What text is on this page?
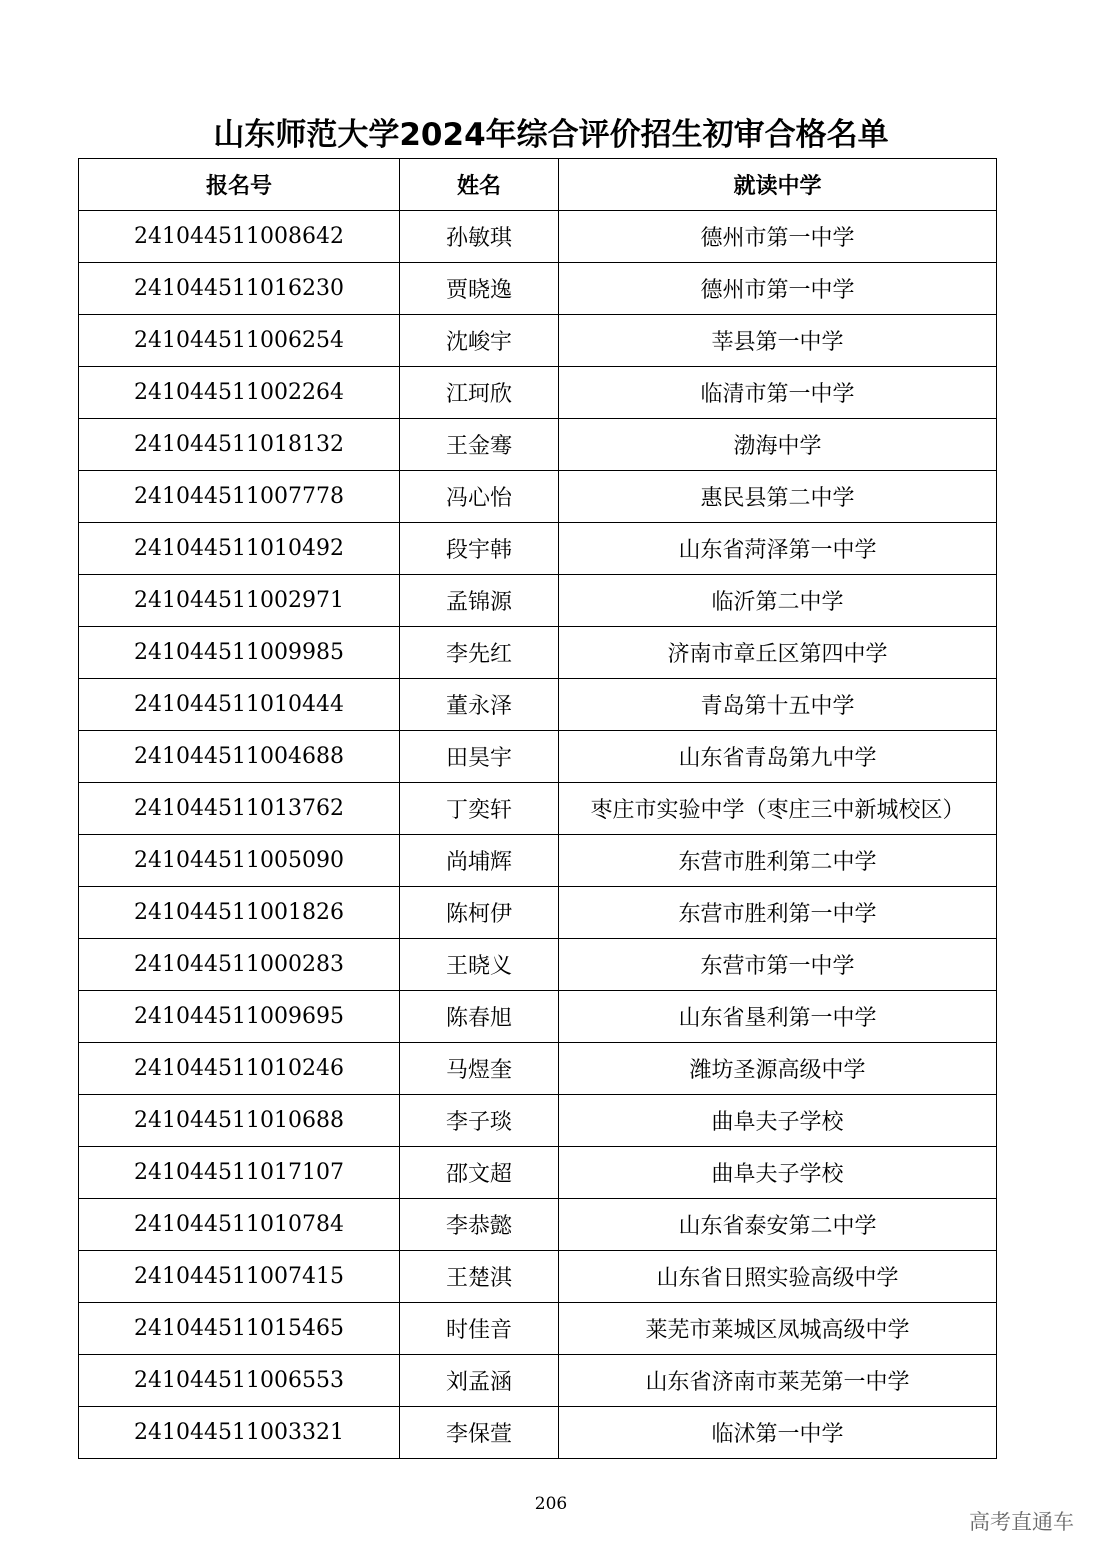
山东师范大学2024年综合评价招生初审合格名单
报名号	姓名	就读中学
241044511008642	孙敏琪	德州市第一中学
241044511016230	贾晓逸	德州市第一中学
241044511006254	沈峻宇	莘县第一中学
241044511002264	江珂欣	临清市第一中学
241044511018132	王金骞	渤海中学
241044511007778	冯心怡	惠民县第二中学
241044511010492	段宇韩	山东省菏泽第一中学
241044511002971	孟锦源	临沂第二中学
241044511009985	李先红	济南市章丘区第四中学
241044511010444	董永泽	青岛第十五中学
241044511004688	田昊宇	山东省青岛第九中学
241044511013762	丁奕轩	枣庄市实验中学（枣庄三中新城校区）
241044511005090	尚埔辉	东营市胜利第二中学
241044511001826	陈柯伊	东营市胜利第一中学
241044511000283	王晓义	东营市第一中学
241044511009695	陈春旭	山东省垦利第一中学
241044511010246	马煜奎	潍坊圣源高级中学
241044511010688	李子琰	曲阜夫子学校
241044511017107	邵文超	曲阜夫子学校
241044511010784	李恭懿	山东省泰安第二中学
241044511007415	王楚淇	山东省日照实验高级中学
241044511015465	时佳音	莱芜市莱城区凤城高级中学
241044511006553	刘孟涵	山东省济南市莱芜第一中学
241044511003321	李保萱	临沭第一中学
206
高考直通车
